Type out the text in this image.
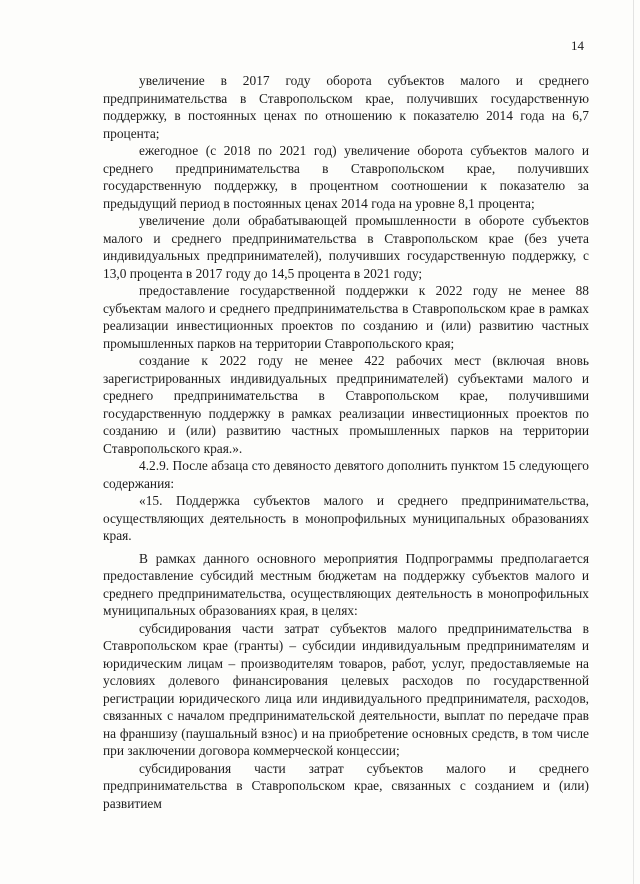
14

увеличение в 2017 году оборота субъектов малого и среднего предпринимательства в Ставропольском крае, получивших государственную поддержку, в постоянных ценах по отношению к показателю 2014 года на 6,7 процента;

ежегодное (с 2018 по 2021 год) увеличение оборота субъектов малого и среднего предпринимательства в Ставропольском крае, получивших государственную поддержку, в процентном соотношении к показателю за предыдущий период в постоянных ценах 2014 года на уровне 8,1 процента;

увеличение доли обрабатывающей промышленности в обороте субъектов малого и среднего предпринимательства в Ставропольском крае (без учета индивидуальных предпринимателей), получивших государственную поддержку, с 13,0 процента в 2017 году до 14,5 процента в 2021 году;

предоставление государственной поддержки к 2022 году не менее 88 субъектам малого и среднего предпринимательства в Ставропольском крае в рамках реализации инвестиционных проектов по созданию и (или) развитию частных промышленных парков на территории Ставропольского края;

создание к 2022 году не менее 422 рабочих мест (включая вновь зарегистрированных индивидуальных предпринимателей) субъектами малого и среднего предпринимательства в Ставропольском крае, получившими государственную поддержку в рамках реализации инвестиционных проектов по созданию и (или) развитию частных промышленных парков на территории Ставропольского края.».

4.2.9. После абзаца сто девяносто девятого дополнить пунктом 15 следующего содержания:

«15. Поддержка субъектов малого и среднего предпринимательства, осуществляющих деятельность в монопрофильных муниципальных образованиях края.

В рамках данного основного мероприятия Подпрограммы предполагается предоставление субсидий местным бюджетам на поддержку субъектов малого и среднего предпринимательства, осуществляющих деятельность в монопрофильных муниципальных образованиях края, в целях:

субсидирования части затрат субъектов малого предпринимательства в Ставропольском крае (гранты) – субсидии индивидуальным предпринимателям и юридическим лицам – производителям товаров, работ, услуг, предоставляемые на условиях долевого финансирования целевых расходов по государственной регистрации юридического лица или индивидуального предпринимателя, расходов, связанных с началом предпринимательской деятельности, выплат по передаче прав на франшизу (паушальный взнос) и на приобретение основных средств, в том числе при заключении договора коммерческой концессии;

субсидирования части затрат субъектов малого и среднего предпринимательства в Ставропольском крае, связанных с созданием и (или) развитием
